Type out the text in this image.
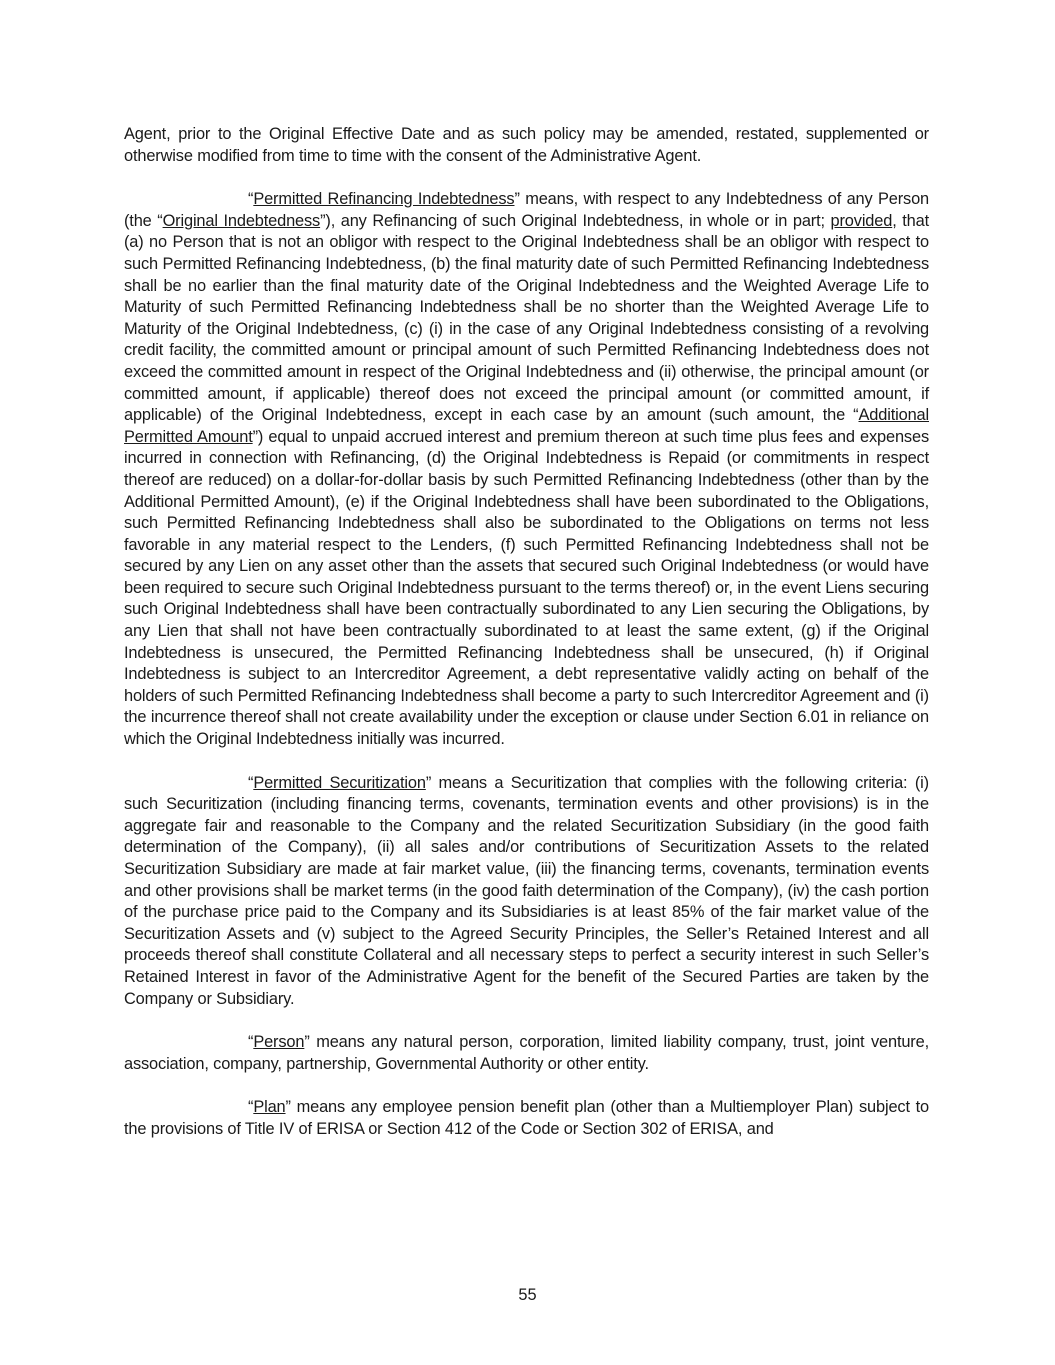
Agent, prior to the Original Effective Date and as such policy may be amended, restated, supplemented or otherwise modified from time to time with the consent of the Administrative Agent.

“Permitted Refinancing Indebtedness” means, with respect to any Indebtedness of any Person (the “Original Indebtedness”), any Refinancing of such Original Indebtedness, in whole or in part; provided, that (a) no Person that is not an obligor with respect to the Original Indebtedness shall be an obligor with respect to such Permitted Refinancing Indebtedness, (b) the final maturity date of such Permitted Refinancing Indebtedness shall be no earlier than the final maturity date of the Original Indebtedness and the Weighted Average Life to Maturity of such Permitted Refinancing Indebtedness shall be no shorter than the Weighted Average Life to Maturity of the Original Indebtedness, (c) (i) in the case of any Original Indebtedness consisting of a revolving credit facility, the committed amount or principal amount of such Permitted Refinancing Indebtedness does not exceed the committed amount in respect of the Original Indebtedness and (ii) otherwise, the principal amount (or committed amount, if applicable) thereof does not exceed the principal amount (or committed amount, if applicable) of the Original Indebtedness, except in each case by an amount (such amount, the “Additional Permitted Amount”) equal to unpaid accrued interest and premium thereon at such time plus fees and expenses incurred in connection with Refinancing, (d) the Original Indebtedness is Repaid (or commitments in respect thereof are reduced) on a dollar-for-dollar basis by such Permitted Refinancing Indebtedness (other than by the Additional Permitted Amount), (e) if the Original Indebtedness shall have been subordinated to the Obligations, such Permitted Refinancing Indebtedness shall also be subordinated to the Obligations on terms not less favorable in any material respect to the Lenders, (f) such Permitted Refinancing Indebtedness shall not be secured by any Lien on any asset other than the assets that secured such Original Indebtedness (or would have been required to secure such Original Indebtedness pursuant to the terms thereof) or, in the event Liens securing such Original Indebtedness shall have been contractually subordinated to any Lien securing the Obligations, by any Lien that shall not have been contractually subordinated to at least the same extent, (g) if the Original Indebtedness is unsecured, the Permitted Refinancing Indebtedness shall be unsecured, (h) if Original Indebtedness is subject to an Intercreditor Agreement, a debt representative validly acting on behalf of the holders of such Permitted Refinancing Indebtedness shall become a party to such Intercreditor Agreement and (i) the incurrence thereof shall not create availability under the exception or clause under Section 6.01 in reliance on which the Original Indebtedness initially was incurred.

“Permitted Securitization” means a Securitization that complies with the following criteria: (i) such Securitization (including financing terms, covenants, termination events and other provisions) is in the aggregate fair and reasonable to the Company and the related Securitization Subsidiary (in the good faith determination of the Company), (ii) all sales and/or contributions of Securitization Assets to the related Securitization Subsidiary are made at fair market value, (iii) the financing terms, covenants, termination events and other provisions shall be market terms (in the good faith determination of the Company), (iv) the cash portion of the purchase price paid to the Company and its Subsidiaries is at least 85% of the fair market value of the Securitization Assets and (v) subject to the Agreed Security Principles, the Seller’s Retained Interest and all proceeds thereof shall constitute Collateral and all necessary steps to perfect a security interest in such Seller’s Retained Interest in favor of the Administrative Agent for the benefit of the Secured Parties are taken by the Company or Subsidiary.

“Person” means any natural person, corporation, limited liability company, trust, joint venture, association, company, partnership, Governmental Authority or other entity.

“Plan” means any employee pension benefit plan (other than a Multiemployer Plan) subject to the provisions of Title IV of ERISA or Section 412 of the Code or Section 302 of ERISA, and

55
